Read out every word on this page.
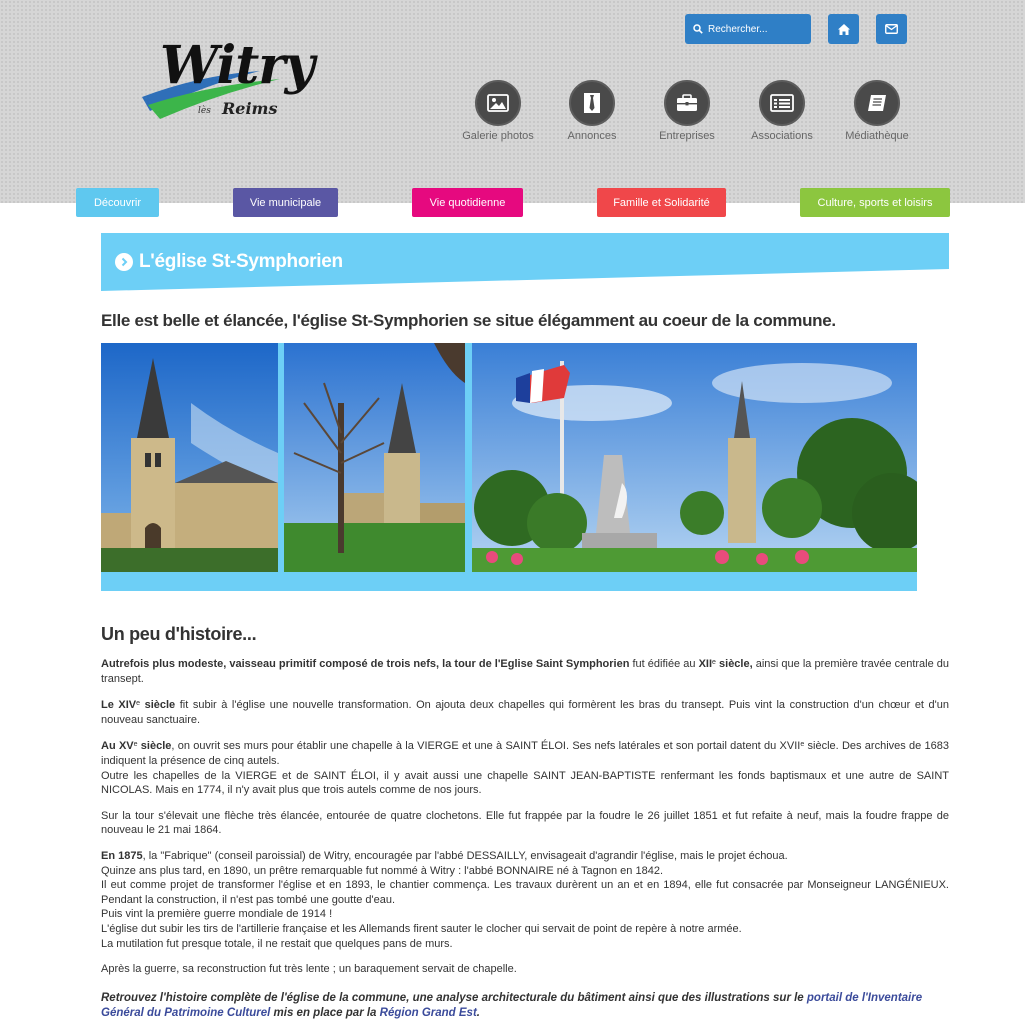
Witry
lès Reims
Rechercher...
Galerie photos	Annonces	Entreprises	Associations	Médiathèque
Découvrir	Vie municipale	Vie quotidienne	Famille et Solidarité	Culture, sports et loisirs
L'église St-Symphorien
Elle est belle et élancée, l'église St-Symphorien se situe élégamment au coeur de la commune.
Un peu d'histoire...

Autrefois plus modeste, vaisseau primitif composé de trois nefs, la tour de l'Eglise Saint Symphorien fut édifiée au XIIe siècle, ainsi que la première travée centrale du transept.

Le XIVe siècle fit subir à l'église une nouvelle transformation. On ajouta deux chapelles qui formèrent les bras du transept. Puis vint la construction d'un chœur et d'un nouveau sanctuaire.

Au XVe siècle, on ouvrit ses murs pour établir une chapelle à la VIERGE et une à SAINT ÉLOI. Ses nefs latérales et son portail datent du XVIIe siècle. Des archives de 1683 indiquent la présence de cinq autels.
Outre les chapelles de la VIERGE et de SAINT ÉLOI, il y avait aussi une chapelle SAINT JEAN-BAPTISTE renfermant les fonds baptismaux et une autre de SAINT NICOLAS. Mais en 1774, il n'y avait plus que trois autels comme de nos jours.

Sur la tour s'élevait une flèche très élancée, entourée de quatre clochetons. Elle fut frappée par la foudre le 26 juillet 1851 et fut refaite à neuf, mais la foudre frappe de nouveau le 21 mai 1864.

En 1875, la "Fabrique" (conseil paroissial) de Witry, encouragée par l'abbé DESSAILLY, envisageait d'agrandir l'église, mais le projet échoua.
Quinze ans plus tard, en 1890, un prêtre remarquable fut nommé à Witry : l'abbé BONNAIRE né à Tagnon en 1842.
Il eut comme projet de transformer l'église et en 1893, le chantier commença. Les travaux durèrent un an et en 1894, elle fut consacrée par Monseigneur LANGÉNIEUX. Pendant la construction, il n'est pas tombé une goutte d'eau.
Puis vint la première guerre mondiale de 1914 !
L'église dut subir les tirs de l'artillerie française et les Allemands firent sauter le clocher qui servait de point de repère à notre armée.
La mutilation fut presque totale, il ne restait que quelques pans de murs.

Après la guerre, sa reconstruction fut très lente ; un baraquement servait de chapelle.

Retrouvez l'histoire complète de l'église de la commune, une analyse architecturale du bâtiment ainsi que des illustrations sur le portail de l'Inventaire Général du Patrimoine Culturel mis en place par la Région Grand Est.
